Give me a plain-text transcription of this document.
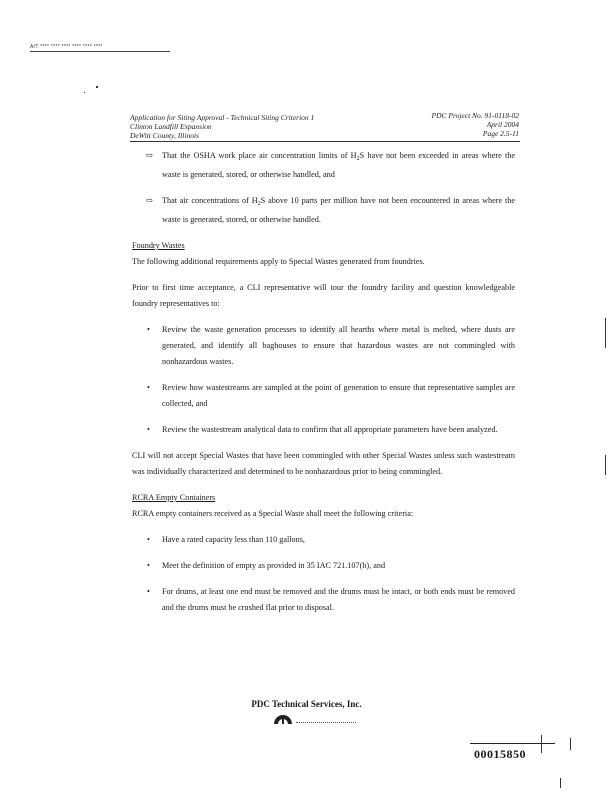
A/T **** **** **** **** **** ****
Application for Siting Approval - Technical Siting Criterion 1
Clinton Landfill Expansion
DeWitt County, Illinois
PDC Project No. 91-0118-02
April 2004
Page 2.5-11
⇨ That the OSHA work place air concentration limits of $H_2S$ have not been exceeded in areas where the waste is generated, stored, or otherwise handled, and
⇨ That air concentrations of $H_2S$ above 10 parts per million have not been encountered in areas where the waste is generated, stored, or otherwise handled.
Foundry Wastes

The following additional requirements apply to Special Wastes generated from foundries.

Prior to first time acceptance, a CLI representative will tour the foundry facility and question knowledgeable foundry representatives to:

• Review the waste generation processes to identify all hearths where metal is melted, where dusts are generated, and identify all baghouses to ensure that hazardous wastes are not commingled with nonhazardous wastes.
• Review how wastestreams are sampled at the point of generation to ensure that representative samples are collected, and
• Review the wastestream analytical data to confirm that all appropriate parameters have been analyzed.

CLI will not accept Special Wastes that have been commingled with other Special Wastes unless such wastestream was individually characterized and determined to be nonhazardous prior to being commingled.

RCRA Empty Containers

RCRA empty containers received as a Special Waste shall meet the following criteria:

• Have a rated capacity less than 110 gallons,
• Meet the definition of empty as provided in 35 IAC 721.107(b), and
• For drums, at least one end must be removed and the drums must be intact, or both ends must be removed and the drums must be crushed flat prior to disposal.
PDC Technical Services, Inc.
00015850
